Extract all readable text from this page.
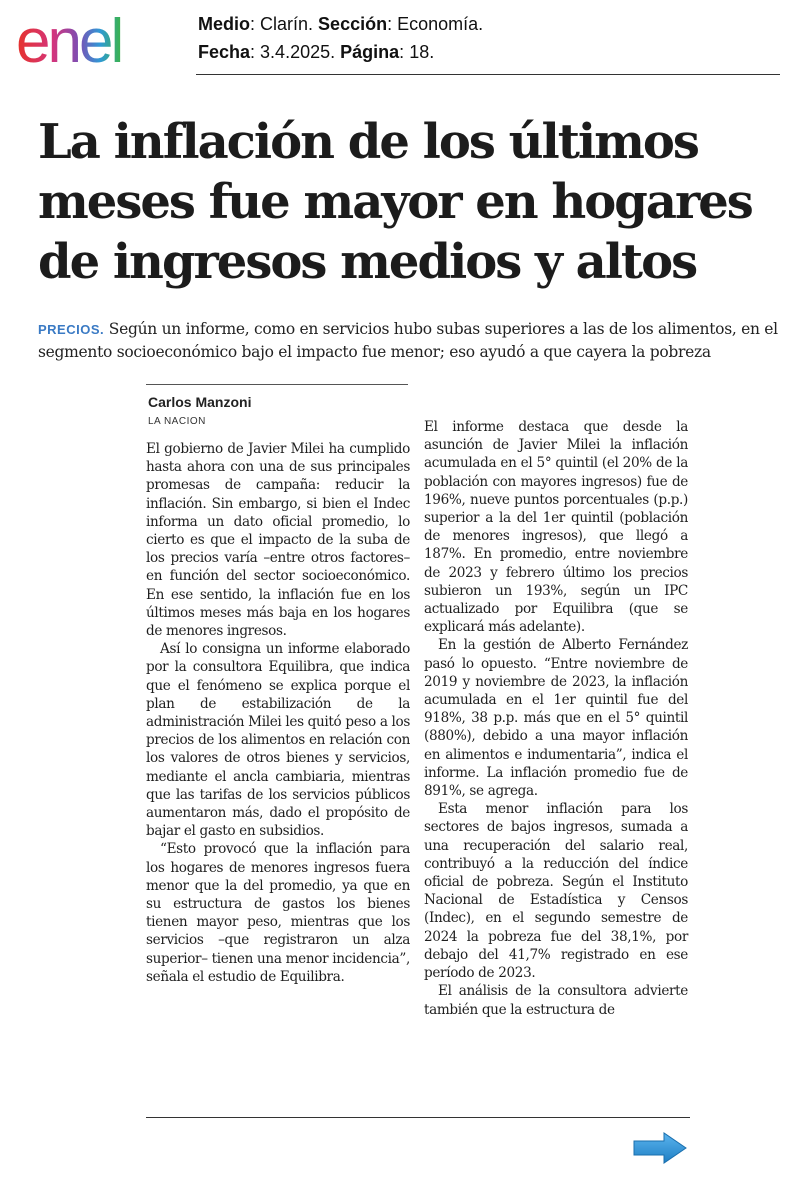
enel	Medio: Clarín. Sección: Economía.
Fecha: 3.4.2025. Página: 18.
La inflación de los últimos meses fue mayor en hogares de ingresos medios y altos
PRECIOS. Según un informe, como en servicios hubo subas superiores a las de los alimentos, en el segmento socioeconómico bajo el impacto fue menor; eso ayudó a que cayera la pobreza
Carlos Manzoni
LA NACION

El gobierno de Javier Milei ha cumplido hasta ahora con una de sus principales promesas de campaña: reducir la inflación. Sin embargo, si bien el Indec informa un dato oficial promedio, lo cierto es que el impacto de la suba de los precios varía –entre otros factores– en función del sector socioeconómico. En ese sentido, la inflación fue en los últimos meses más baja en los hogares de menores ingresos.

Así lo consigna un informe elaborado por la consultora Equilibra, que indica que el fenómeno se explica porque el plan de estabilización de la administración Milei les quitó peso a los precios de los alimentos en relación con los valores de otros bienes y servicios, mediante el ancla cambiaria, mientras que las tarifas de los servicios públicos aumentaron más, dado el propósito de bajar el gasto en subsidios.

“Esto provocó que la inflación para los hogares de menores ingresos fuera menor que la del promedio, ya que en su estructura de gastos los bienes tienen mayor peso, mientras que los servicios –que registraron un alza superior– tienen una menor incidencia”, señala el estudio de Equilibra.

El informe destaca que desde la asunción de Javier Milei la inflación acumulada en el 5° quintil (el 20% de la población con mayores ingresos) fue de 196%, nueve puntos porcentuales (p.p.) superior a la del 1er quintil (población de menores ingresos), que llegó a 187%. En promedio, entre noviembre de 2023 y febrero último los precios subieron un 193%, según un IPC actualizado por Equilibra (que se explicará más adelante).

En la gestión de Alberto Fernández pasó lo opuesto. “Entre noviembre de 2019 y noviembre de 2023, la inflación acumulada en el 1er quintil fue del 918%, 38 p.p. más que en el 5° quintil (880%), debido a una mayor inflación en alimentos e indumentaria”, indica el informe. La inflación promedio fue de 891%, se agrega.

Esta menor inflación para los sectores de bajos ingresos, sumada a una recuperación del salario real, contribuyó a la reducción del índice oficial de pobreza. Según el Instituto Nacional de Estadística y Censos (Indec), en el segundo semestre de 2024 la pobreza fue del 38,1%, por debajo del 41,7% registrado en ese período de 2023.

El análisis de la consultora advierte también que la estructura de
